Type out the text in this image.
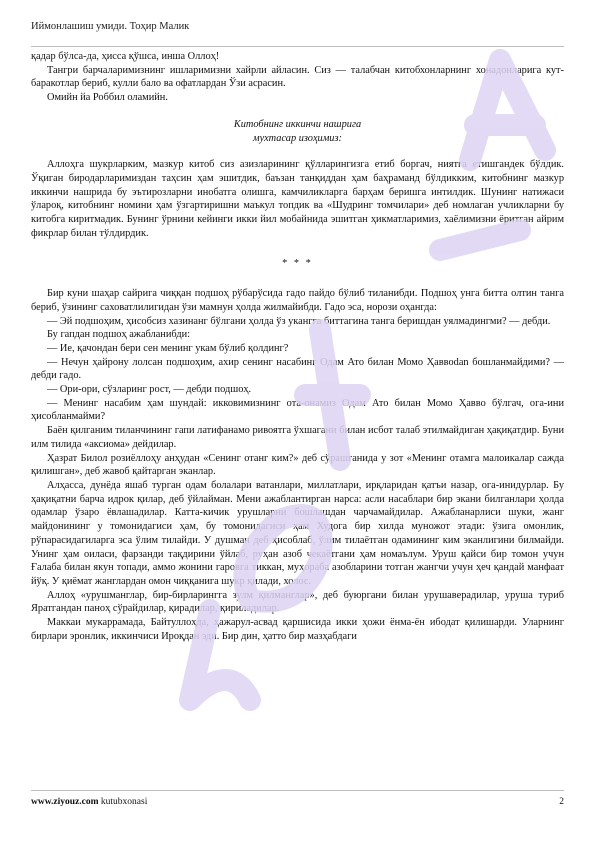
Иймонлашиш умиди. Тоҳир Малик

қадар бўлса-да, ҳисса қўшса, иншa Оллоҳ!

Тангри барчаларимизнинг ишларимизни хайрли айласин. Сиз — талабчан китобхонларнинг хонадонларига кут-баракотлар бериб, кулли бало ва офатлардан Ўзи асрасин.

Омийн йа Роббил оламийн.

Китобнинг иккинчи нашрига
мухтасар изоҳимиз:

Аллоҳга шукрларким, мазкур китоб сиз азизларининг қўлларингизга етиб боргач, ниятга етишгандек бўлдик. Ўқиган биродарларимиздан таҳсин ҳам эшитдик, баъзан танқиддан ҳам баҳраманд бўлдикким, китобнинг мазкур иккинчи нашрида бу эътирозларни инобатга олишга, камчиликларга барҳам беришга интилдик. Шунинг натижаси ўлароқ, китобнинг номини ҳам ўзгартиришни маъкул топдик ва «Шудринг томчилари» деб номлаган учликларни бу китобга киритмадик. Бунинг ўрнини кейинги икки йил мобайнида эшитган ҳикматларимиз, хаёлимизни ёритган айрим фикрлар билан тўлдирдик.

* * *

Бир куни шаҳар сайрига чиққан подшоҳ рўбарўсида гадо пайдо бўлиб тиланибди. Подшоҳ унга битта олтин танга бериб, ўзининг саховатлилигидан ўзи мамнун ҳолда жилмайибди. Гадо эса, норози оҳангда:

— Эй подшоҳим, ҳисобсиз хазинанг бўлгани ҳолда ўз укангга биттагина танга беришдан уялмадингми? — дебди.

Бу гапдан подшоҳ ажабланибди:

— Ие, қачондан бери сен менинг укам бўлиб қолдинг?

— Нечун ҳайрону лолсан подшоҳим, ахир сенинг насабинг Одам Ато билан Момо Ҳаввodan бошланмайдими? — дебди гадо.

— Ори-ори, сўзларинг рост, — дебди подшоҳ.

— Менинг насабим ҳам шундай: икковимизнинг ота-онамиз Одам Ато билан Момо Ҳаввo бўлгач, ога-ини ҳисобланмайми?

Баён қилганим тиланчининг гапи латифанамо ривоятга ўхшагани билан исбот талаб этилмайдиган ҳақиқатдир. Буни илм тилида «аксиома» дейдилар.

Ҳазрат Билол розиёллоҳу анҳудан «Сенинг отанг ким?» деб сўрашганида у зот «Менинг отамга малоикалар сажда қилишган», деб жавоб қайтарган эканлар.

Алҳасса, дунёда яшаб турган одам болалари ватанлари, миллатлари, ирқларидан қатъи назар, ога-инидурлар. Бу ҳақиқатни барча идрок қилар, деб ўйлайман. Мени ажаблантирган нарса: асли насаблари бир экани билганлари ҳолда одамлар ўзаро ёвлашадилар. Катта-кичик урушларни бошлашдан чарчамайдилар. Ажабланарлиси шуки, жанг майдонининг у томонидагиси ҳам, бу томонидагиси ҳам Худога бир хилда муножот этади: ўзига омонлик, рўпарасидагиларга эса ўлим тилайди. У душман деб ҳисоблаб, ўлим тилаётган одамининг ким эканлигини билмайди. Унинг ҳам оиласи, фарзанди тақдирини ўйлаб, руҳан азоб чекаётгани ҳам номаълум. Уруш қайси бир томон учун Ғалаба билан якун топади, аммо жонини гаровга тиккан, муҳораба азобларини тотган жангчи учун ҳеч қандай манфаат йўқ. У қиёмат жанглардан омон чиққанига шукр қилади, холос.

Аллоҳ «урушманглар, бир-бирларингга зулм қилманглар», деб буюргани билан урушавeрадилар, уруша туриб Яратгандан паноҳ сўрайдилар, қирадилар, қириладилар.

Маккаи мукаррамада, Байтуллоҳда, ҳажарул-асвад қаршисида икки ҳожи ёнма-ён ибодат қилишарди. Уларнинг бирлари эронлик, иккинчиси Ироқдан эди. Бир дин, ҳатто бир мазҳабдаги

www.ziyouz.com kutubxonasi	2
